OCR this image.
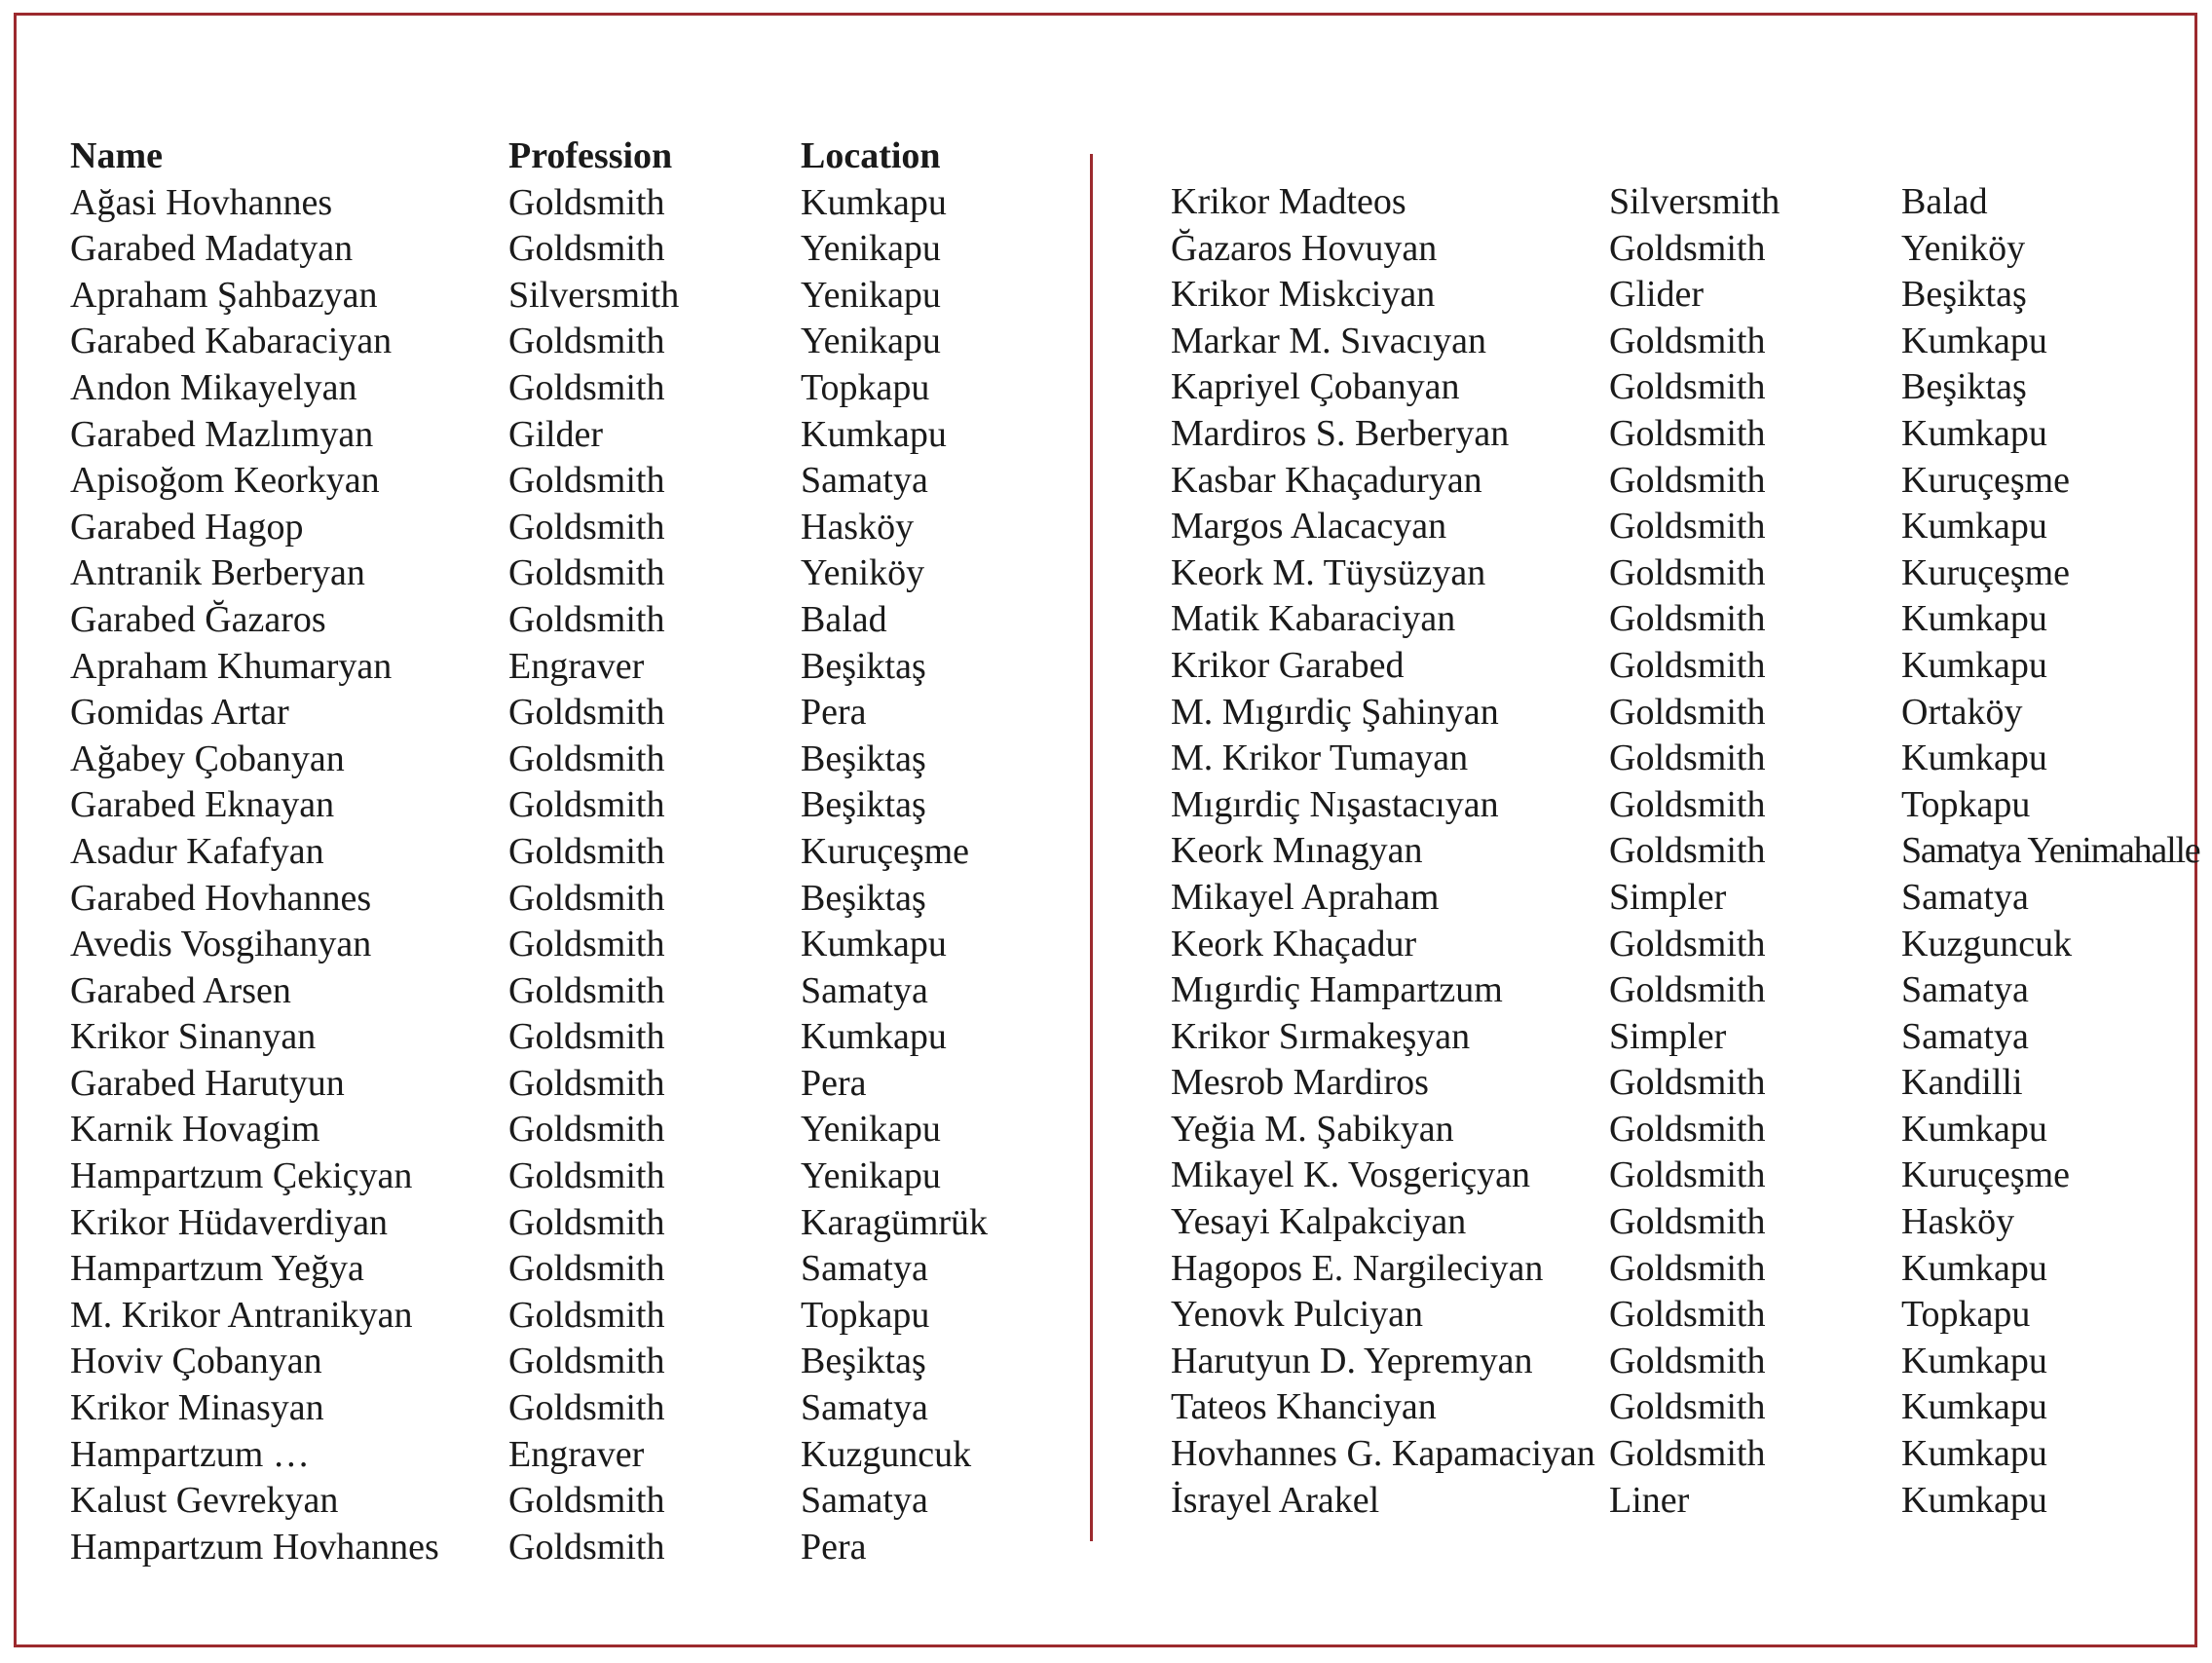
Name	Profession	Location
Ağasi Hovhannes	Goldsmith	Kumkapu
Garabed Madatyan	Goldsmith	Yenikapu
Apraham Şahbazyan	Silversmith	Yenikapu
Garabed Kabaraciyan	Goldsmith	Yenikapu
Andon Mikayelyan	Goldsmith	Topkapu
Garabed Mazlımyan	Gilder	Kumkapu
Apisoğom Keorkyan	Goldsmith	Samatya
Garabed Hagop	Goldsmith	Hasköy
Antranik Berberyan	Goldsmith	Yeniköy
Garabed Ğazaros	Goldsmith	Balad
Apraham Khumaryan	Engraver	Beşiktaş
Gomidas Artar	Goldsmith	Pera
Ağabey Çobanyan	Goldsmith	Beşiktaş
Garabed Eknayan	Goldsmith	Beşiktaş
Asadur Kafafyan	Goldsmith	Kuruçeşme
Garabed Hovhannes	Goldsmith	Beşiktaş
Avedis Vosgihanyan	Goldsmith	Kumkapu
Garabed Arsen	Goldsmith	Samatya
Krikor Sinanyan	Goldsmith	Kumkapu
Garabed Harutyun	Goldsmith	Pera
Karnik Hovagim	Goldsmith	Yenikapu
Hampartzum Çekiçyan	Goldsmith	Yenikapu
Krikor Hüdaverdiyan	Goldsmith	Karagümrük
Hampartzum Yeğya	Goldsmith	Samatya
M. Krikor Antranikyan	Goldsmith	Topkapu
Hoviv Çobanyan	Goldsmith	Beşiktaş
Krikor Minasyan	Goldsmith	Samatya
Hampartzum …	Engraver	Kuzguncuk
Kalust Gevrekyan	Goldsmith	Samatya
Hampartzum Hovhannes Goldsmith	Pera
Krikor Madteos	Silversmith	Balad
Ğazaros Hovuyan	Goldsmith	Yeniköy
Krikor Miskciyan	Glider	Beşiktaş
Markar M. Sıvacıyan	Goldsmith	Kumkapu
Kapriyel Çobanyan	Goldsmith	Beşiktaş
Mardiros S. Berberyan	Goldsmith	Kumkapu
Kasbar Khaçaduryan	Goldsmith	Kuruçeşme
Margos Alacacyan	Goldsmith	Kumkapu
Keork M. Tüysüzyan	Goldsmith	Kuruçeşme
Matik Kabaraciyan	Goldsmith	Kumkapu
Krikor Garabed	Goldsmith	Kumkapu
M. Mıgırdiç Şahinyan	Goldsmith	Ortaköy
M. Krikor Tumayan	Goldsmith	Kumkapu
Mıgırdiç Nışastacıyan	Goldsmith	Topkapu
Keork Mınagyan	Goldsmith	Samatya Yenimahalle
Mikayel Apraham	Simpler	Samatya
Keork Khaçadur	Goldsmith	Kuzguncuk
Mıgırdiç Hampartzum	Goldsmith	Samatya
Krikor Sırmakeşyan	Simpler	Samatya
Mesrob Mardiros	Goldsmith	Kandilli
Yeğia M. Şabikyan	Goldsmith	Kumkapu
Mikayel K. Vosgeriçyan Goldsmith	Kuruçeşme
Yesayi Kalpakciyan	Goldsmith	Hasköy
Hagopos E. Nargileciyan Goldsmith	Kumkapu
Yenovk Pulciyan	Goldsmith	Topkapu
Harutyun D. Yepremyan Goldsmith	Kumkapu
Tateos Khanciyan	Goldsmith	Kumkapu
Hovhannes G. Kapamaciyan Goldsmith	Kumkapu
İsrayel Arakel	Liner	Kumkapu
